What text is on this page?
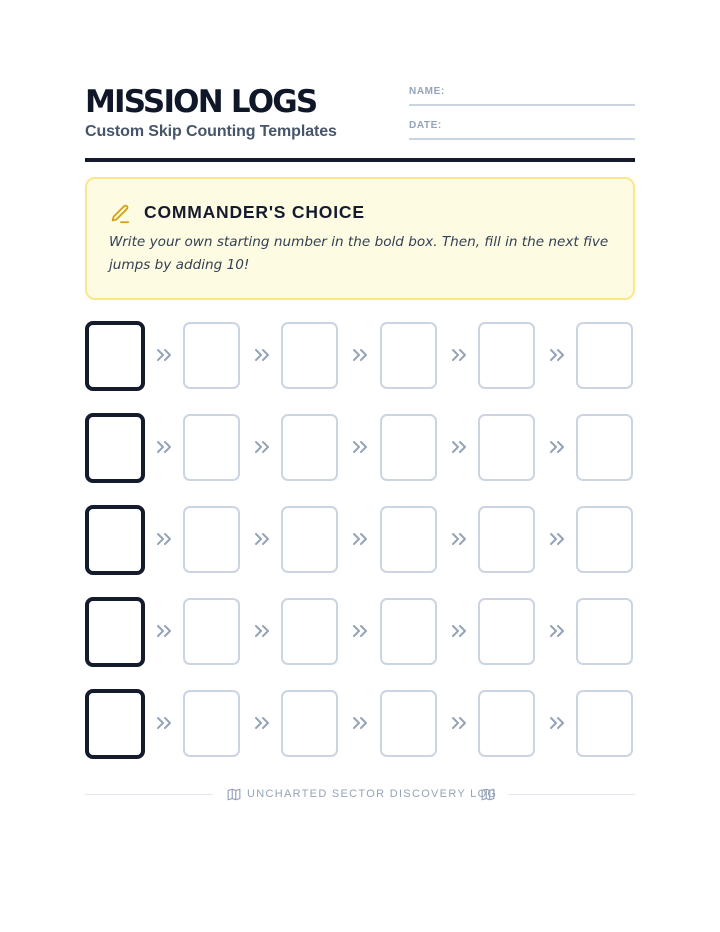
MISSION LOGS
Custom Skip Counting Templates
NAME:
DATE:
COMMANDER'S CHOICE
Write your own starting number in the bold box. Then, fill in the next five jumps by adding 10!
UNCHARTED SECTOR DISCOVERY LOG
